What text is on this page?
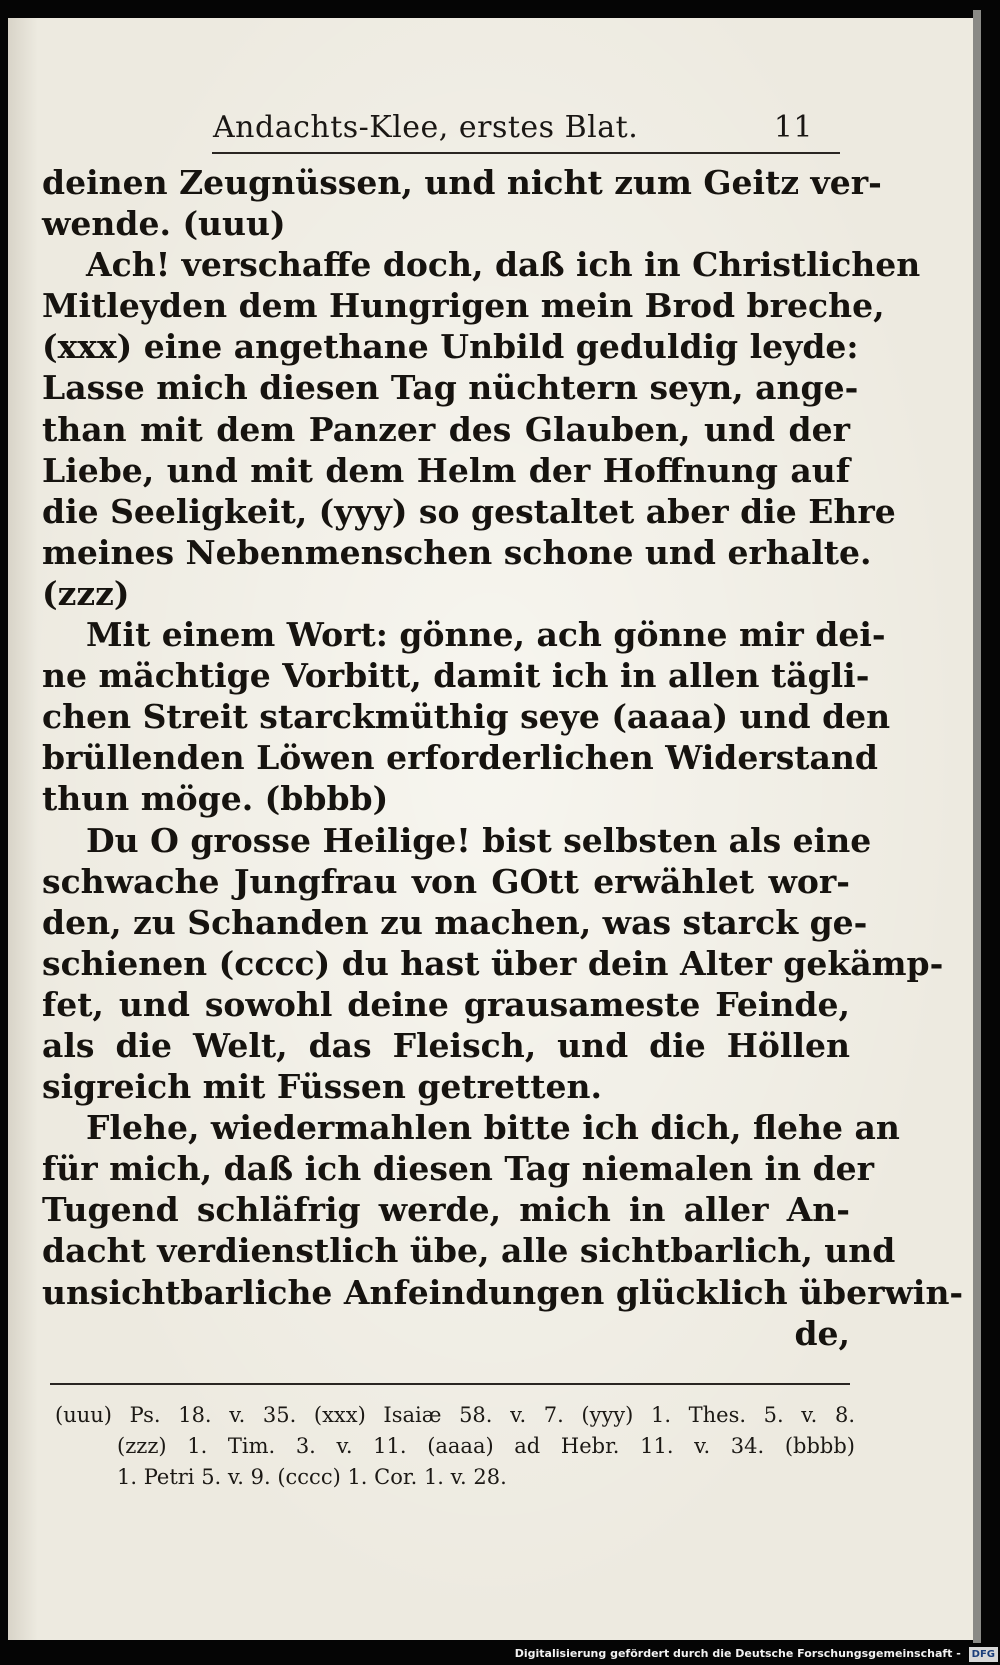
Andachts-Klee, erstes Blat.	11
deinen Zeugnüssen, und nicht zum Geitz ver-
wende. (uuu)
Ach! verschaffe doch, daß ich in Christlichen
Mitleyden dem Hungrigen mein Brod breche,
(xxx) eine angethane Unbild geduldig leyde:
Lasse mich diesen Tag nüchtern seyn, ange-
than mit dem Panzer des Glauben, und der
Liebe, und mit dem Helm der Hoffnung auf
die Seeligkeit, (yyy) so gestaltet aber die Ehre
meines Nebenmenschen schone und erhalte.
(zzz)
Mit einem Wort: gönne, ach gönne mir dei-
ne mächtige Vorbitt, damit ich in allen tägli-
chen Streit starckmüthig seye (aaaa) und den
brüllenden Löwen erforderlichen Widerstand
thun möge. (bbbb)
Du O grosse Heilige! bist selbsten als eine
schwache Jungfrau von GOtt erwählet wor-
den, zu Schanden zu machen, was starck ge-
schienen (cccc) du hast über dein Alter gekämp-
fet, und sowohl deine grausameste Feinde,
als die Welt, das Fleisch, und die Höllen
sigreich mit Füssen getretten.
Flehe, wiedermahlen bitte ich dich, flehe an
für mich, daß ich diesen Tag niemalen in der
Tugend schläfrig werde, mich in aller An-
dacht verdienstlich übe, alle sichtbarlich, und
unsichtbarliche Anfeindungen glücklich überwin-
de,
(uuu) Ps. 18. v. 35. (xxx) Isaiæ 58. v. 7. (yyy) 1. Thes. 5. v. 8.
(zzz) 1. Tim. 3. v. 11. (aaaa) ad Hebr. 11. v. 34. (bbbb)
1. Petri 5. v. 9. (cccc) 1. Cor. 1. v. 28.
Digitalisierung gefördert durch die Deutsche Forschungsgemeinschaft - DFG
